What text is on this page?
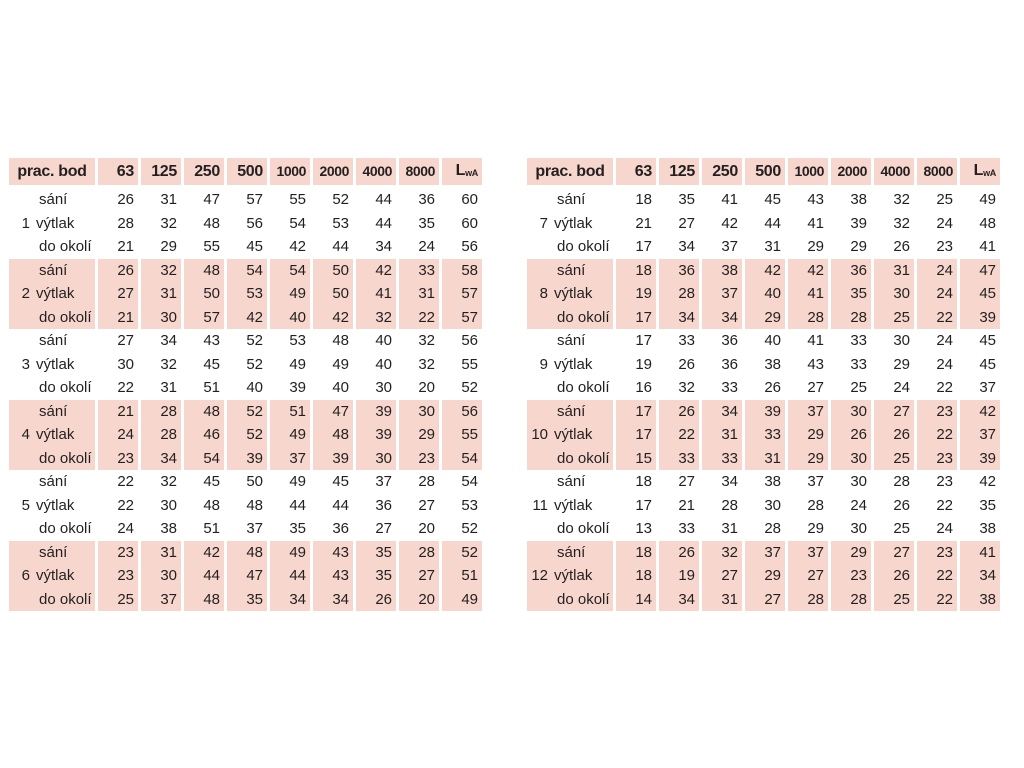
prac. bod	63	125	250	500	1000	2000	4000	8000	LwA

sání	26	31	47	57	55	52	44	36	60
1 výtlak	28	32	48	56	54	53	44	35	60
do okolí	21	29	55	45	42	44	34	24	56
sání	26	32	48	54	54	50	42	33	58
2 výtlak	27	31	50	53	49	50	41	31	57
do okolí	21	30	57	42	40	42	32	22	57
sání	27	34	43	52	53	48	40	32	56
3 výtlak	30	32	45	52	49	49	40	32	55
do okolí	22	31	51	40	39	40	30	20	52
sání	21	28	48	52	51	47	39	30	56
4 výtlak	24	28	46	52	49	48	39	29	55
do okolí	23	34	54	39	37	39	30	23	54
sání	22	32	45	50	49	45	37	28	54
5 výtlak	22	30	48	48	44	44	36	27	53
do okolí	24	38	51	37	35	36	27	20	52
sání	23	31	42	48	49	43	35	28	52
6 výtlak	23	30	44	47	44	43	35	27	51
do okolí	25	37	48	35	34	34	26	20	49
prac. bod	63	125	250	500	1000	2000	4000	8000	LwA

sání	18	35	41	45	43	38	32	25	49
7 výtlak	21	27	42	44	41	39	32	24	48
do okolí	17	34	37	31	29	29	26	23	41
sání	18	36	38	42	42	36	31	24	47
8 výtlak	19	28	37	40	41	35	30	24	45
do okolí	17	34	34	29	28	28	25	22	39
sání	17	33	36	40	41	33	30	24	45
9 výtlak	19	26	36	38	43	33	29	24	45
do okolí	16	32	33	26	27	25	24	22	37
sání	17	26	34	39	37	30	27	23	42
10 výtlak	17	22	31	33	29	26	26	22	37
do okolí	15	33	33	31	29	30	25	23	39
sání	18	27	34	38	37	30	28	23	42
11 výtlak	17	21	28	30	28	24	26	22	35
do okolí	13	33	31	28	29	30	25	24	38
sání	18	26	32	37	37	29	27	23	41
12 výtlak	18	19	27	29	27	23	26	22	34
do okolí	14	34	31	27	28	28	25	22	38
